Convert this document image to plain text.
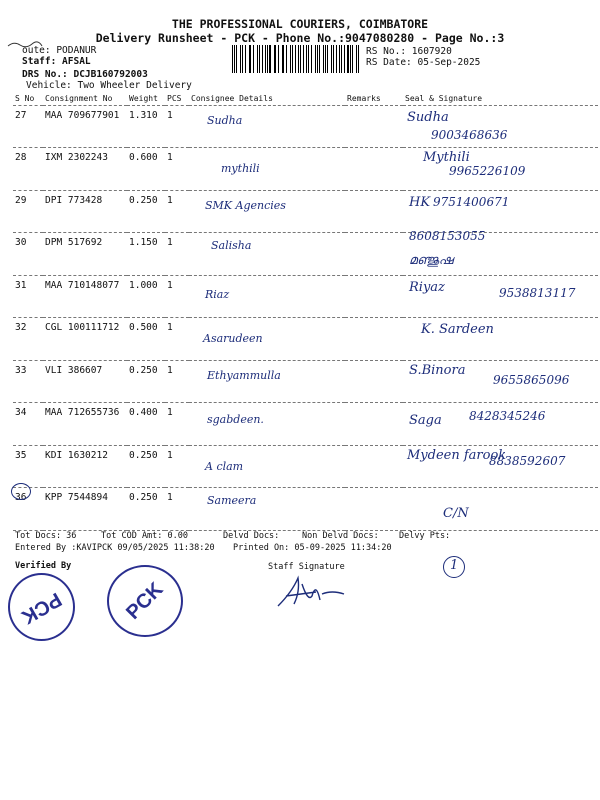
THE PROFESSIONAL COURIERS, COIMBATORE
Delivery Runsheet - PCK - Phone No.:9047080280 - Page No.:3
oute: PODANUR
Staff: AFSAL
DRS No.: DCJB160792003
Vehicle: Two Wheeler Delivery
RS No.: 1607920
RS Date: 05-Sep-2025
S No	Consignment No	Weight	PCS	Consignee Details	Remarks	Seal & Signature
27	MAA 709677901	1.310	1	Sudha		Sudha
9003468636

28	IXM 2302243	0.600	1	mythili		Mythili
9965226109

29	DPI 773428	0.250	1	SMK Agencies		HK 9751400671

30	DPM 517692	1.150	1	Salisha		മഞ്ജുഷ
8608153055

31	MAA 710148077	1.000	1	Riaz		Riyaz 9538813117

32	CGL 100111712	0.500	1	Asarudeen		K. Sardeen

33	VLI 386607	0.250	1	Ethyammulla		S.Binora
9655865096

34	MAA 712655736	0.400	1	sgabdeen.		Saga 8428345246

35	KDI 1630212	0.250	1	A clam		Mydeen farook
8838592607

36	KPP 7544894	0.250	1	Sameera		C/N
Tot Docs: 36	Tot COD Amt: 0.00	Delvd Docs:	Non Delvd Docs: Delvy Pts:
Entered By :KAVIPCK 09/05/2025 11:38:20 Printed On: 05-09-2025 11:34:20
1
Verified By	Staff Signature
PCK	PCK
